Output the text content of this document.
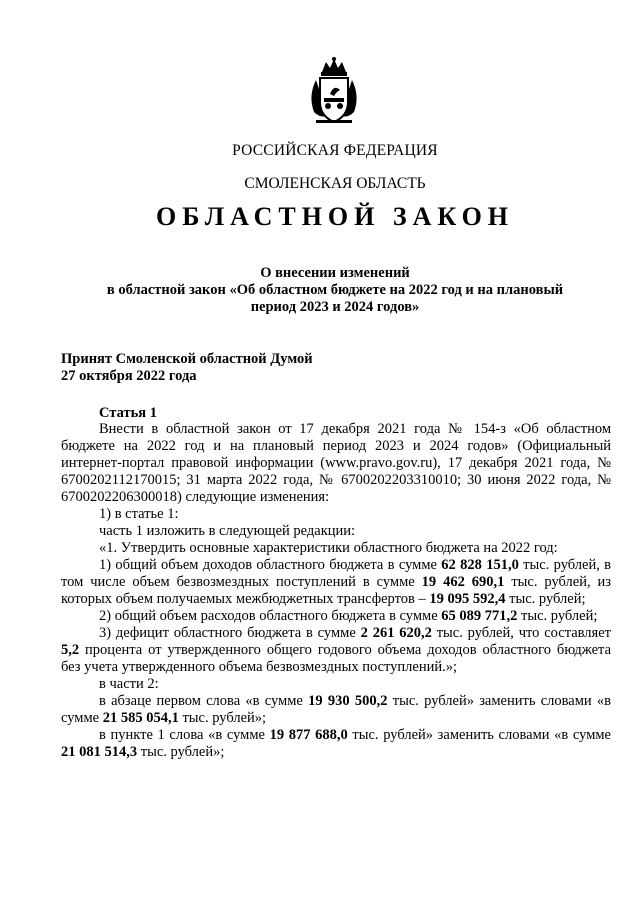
РОССИЙСКАЯ ФЕДЕРАЦИЯ
СМОЛЕНСКАЯ ОБЛАСТЬ
ОБЛАСТНОЙ ЗАКОН
О внесении изменений
в областной закон «Об областном бюджете на 2022 год и на плановый
период 2023 и 2024 годов»
Принят Смоленской областной Думой
27 октября 2022 года
Статья 1

Внести в областной закон от 17 декабря 2021 года № 154-з «Об областном бюджете на 2022 год и на плановый период 2023 и 2024 годов» (Официальный интернет-портал правовой информации (www.pravo.gov.ru), 17 декабря 2021 года, № 6700202112170015; 31 марта 2022 года, № 6700202203310010; 30 июня 2022 года, № 6700202206300018) следующие изменения:

1) в статье 1:

часть 1 изложить в следующей редакции:

«1. Утвердить основные характеристики областного бюджета на 2022 год:

1) общий объем доходов областного бюджета в сумме 62 828 151,0 тыс. рублей, в том числе объем безвозмездных поступлений в сумме 19 462 690,1 тыс. рублей, из которых объем получаемых межбюджетных трансфертов – 19 095 592,4 тыс. рублей;

2) общий объем расходов областного бюджета в сумме 65 089 771,2 тыс. рублей;

3) дефицит областного бюджета в сумме 2 261 620,2 тыс. рублей, что составляет 5,2 процента от утвержденного общего годового объема доходов областного бюджета без учета утвержденного объема безвозмездных поступлений.»;

в части 2:

в абзаце первом слова «в сумме 19 930 500,2 тыс. рублей» заменить словами «в сумме 21 585 054,1 тыс. рублей»;

в пункте 1 слова «в сумме 19 877 688,0 тыс. рублей» заменить словами «в сумме 21 081 514,3 тыс. рублей»;
